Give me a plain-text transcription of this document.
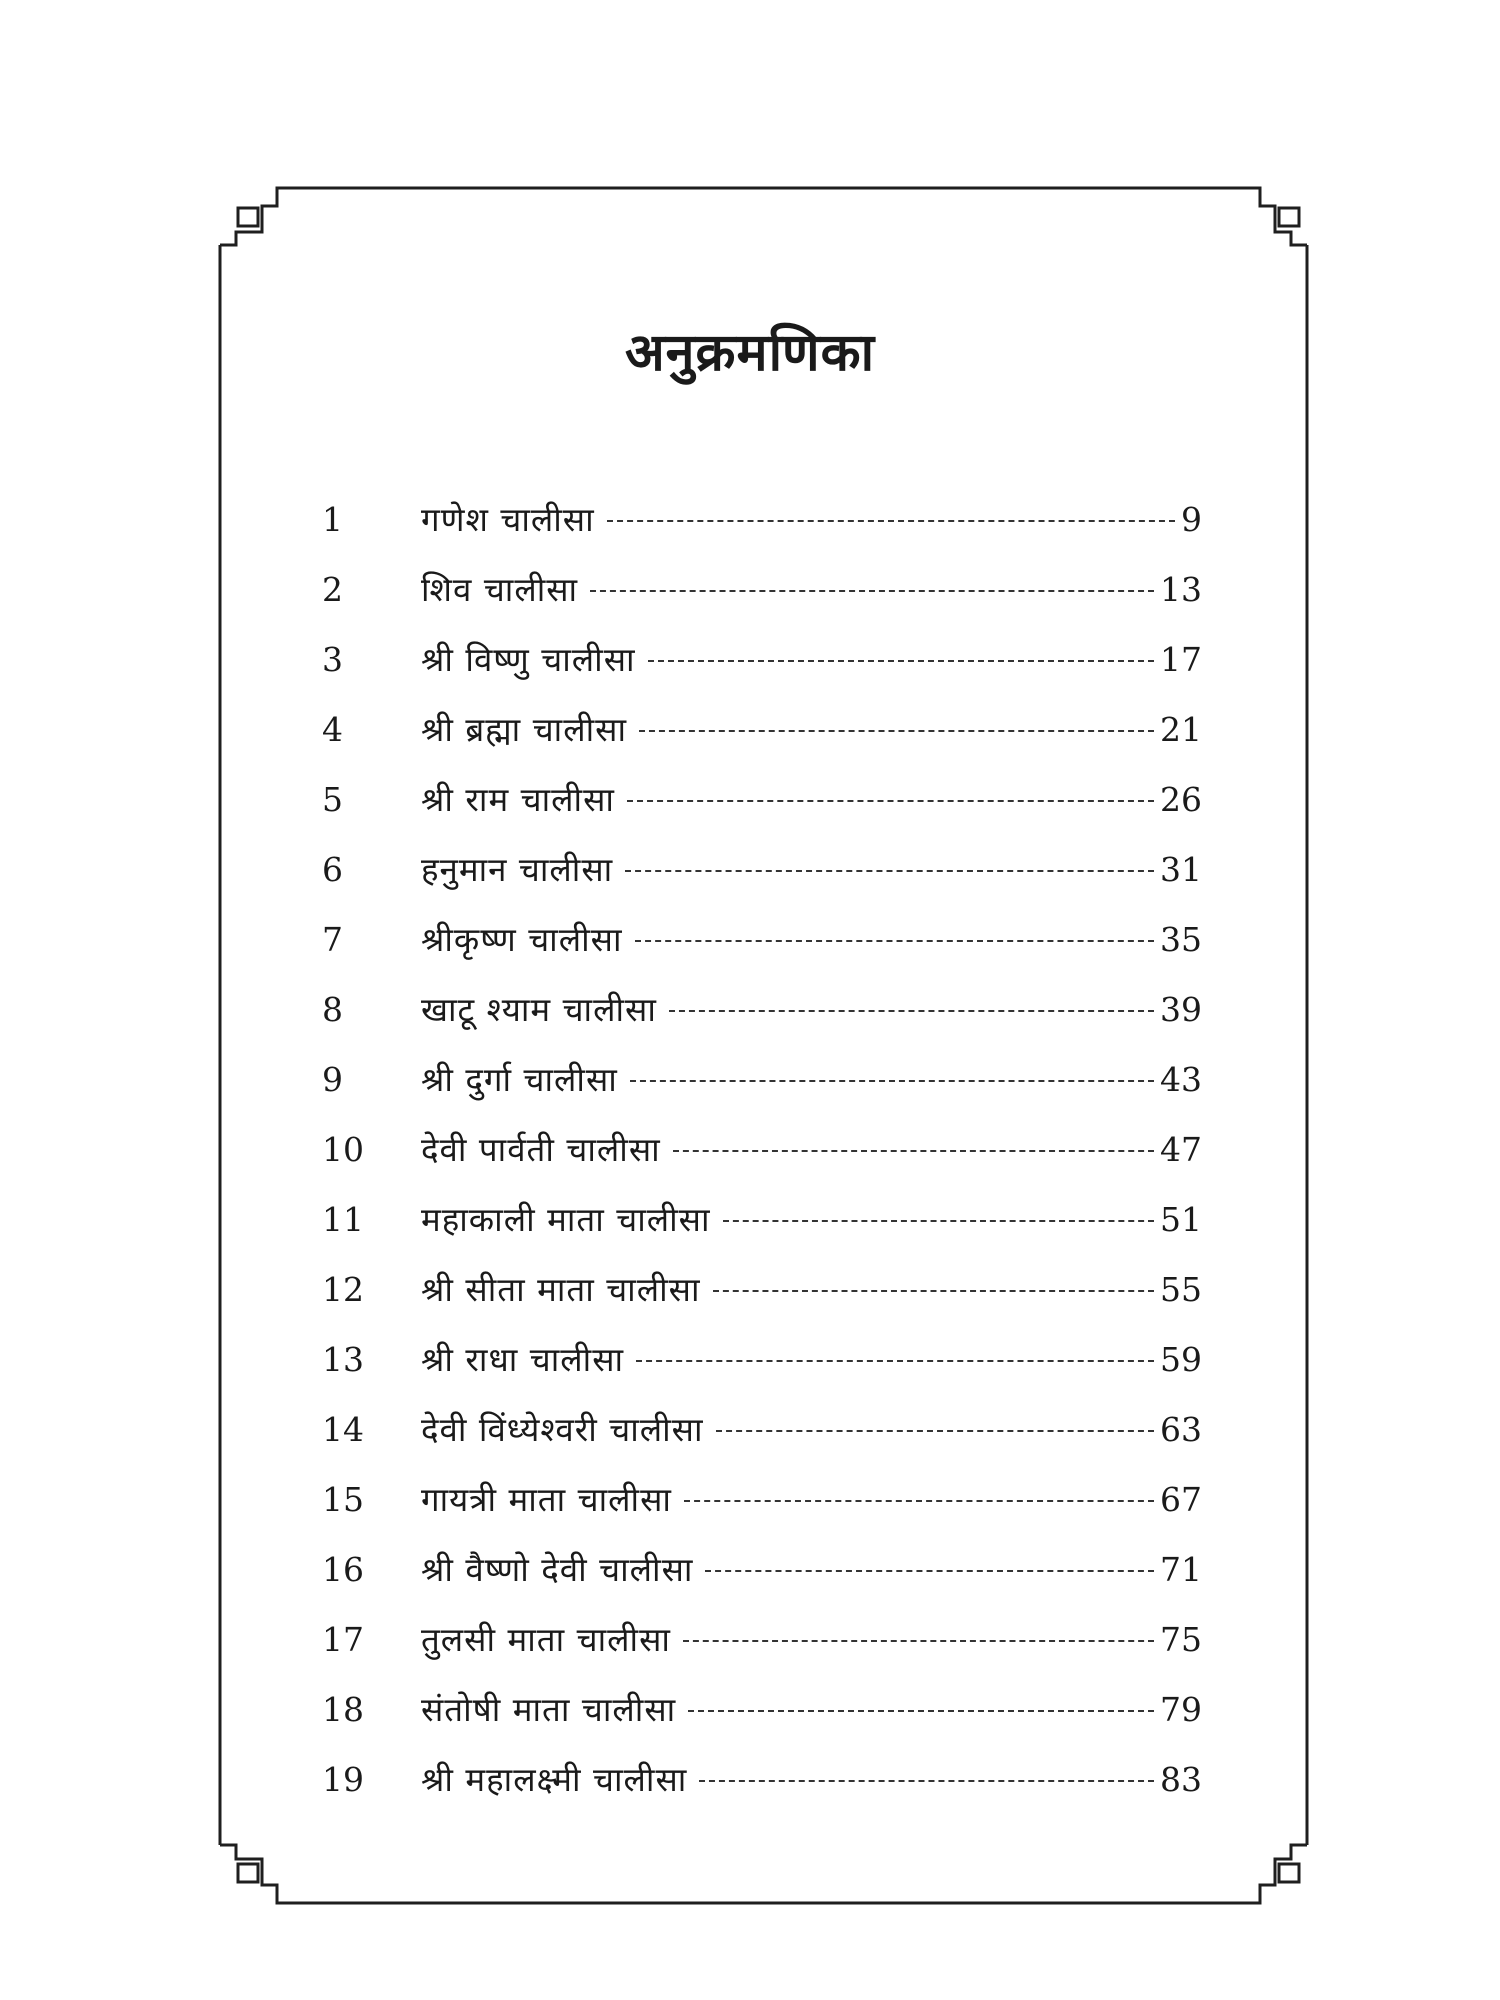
अनुक्रमणिका
1 गणेश चालीसा	9
2 शिव चालीसा	13
3 श्री विष्णु चालीसा	17
4 श्री ब्रह्मा चालीसा	21
5 श्री राम चालीसा	26
6 हनुमान चालीसा	31
7 श्रीकृष्ण चालीसा	35
8 खाटू श्याम चालीसा	39
9 श्री दुर्गा चालीसा	43
10 देवी पार्वती चालीसा	47
11 महाकाली माता चालीसा	51
12 श्री सीता माता चालीसा	55
13 श्री राधा चालीसा	59
14 देवी विंध्येश्वरी चालीसा	63
15 गायत्री माता चालीसा	67
16 श्री वैष्णो देवी चालीसा	71
17 तुलसी माता चालीसा	75
18 संतोषी माता चालीसा	79
19 श्री महालक्ष्मी चालीसा	83
